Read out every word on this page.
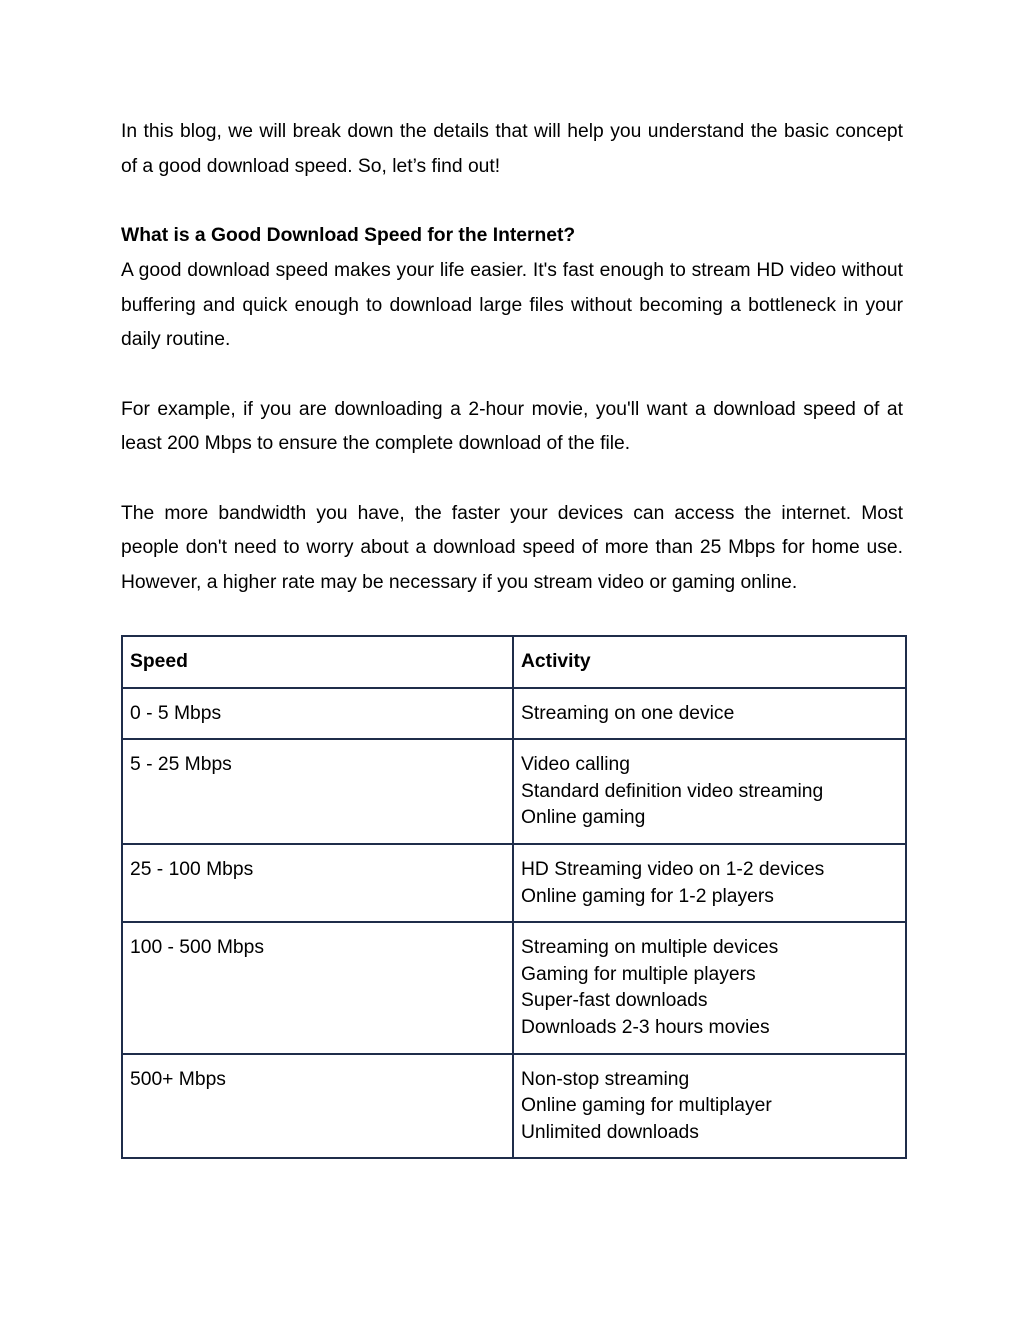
In this blog, we will break down the details that will help you understand the basic concept of a good download speed. So, let’s find out!

What is a Good Download Speed for the Internet?

A good download speed makes your life easier. It's fast enough to stream HD video without buffering and quick enough to download large files without becoming a bottleneck in your daily routine.

For example, if you are downloading a 2-hour movie, you'll want a download speed of at least 200 Mbps to ensure the complete download of the file.

The more bandwidth you have, the faster your devices can access the internet. Most people don't need to worry about a download speed of more than 25 Mbps for home use. However, a higher rate may be necessary if you stream video or gaming online.

Speed	Activity
0 - 5 Mbps	Streaming on one device

5 - 25 Mbps	Video calling
Standard definition video streaming
Online gaming

25 - 100 Mbps	HD Streaming video on 1-2 devices
Online gaming for 1-2 players

100 - 500 Mbps	Streaming on multiple devices
Gaming for multiple players
Super-fast downloads
Downloads 2-3 hours movies

500+ Mbps	Non-stop streaming
Online gaming for multiplayer
Unlimited downloads
